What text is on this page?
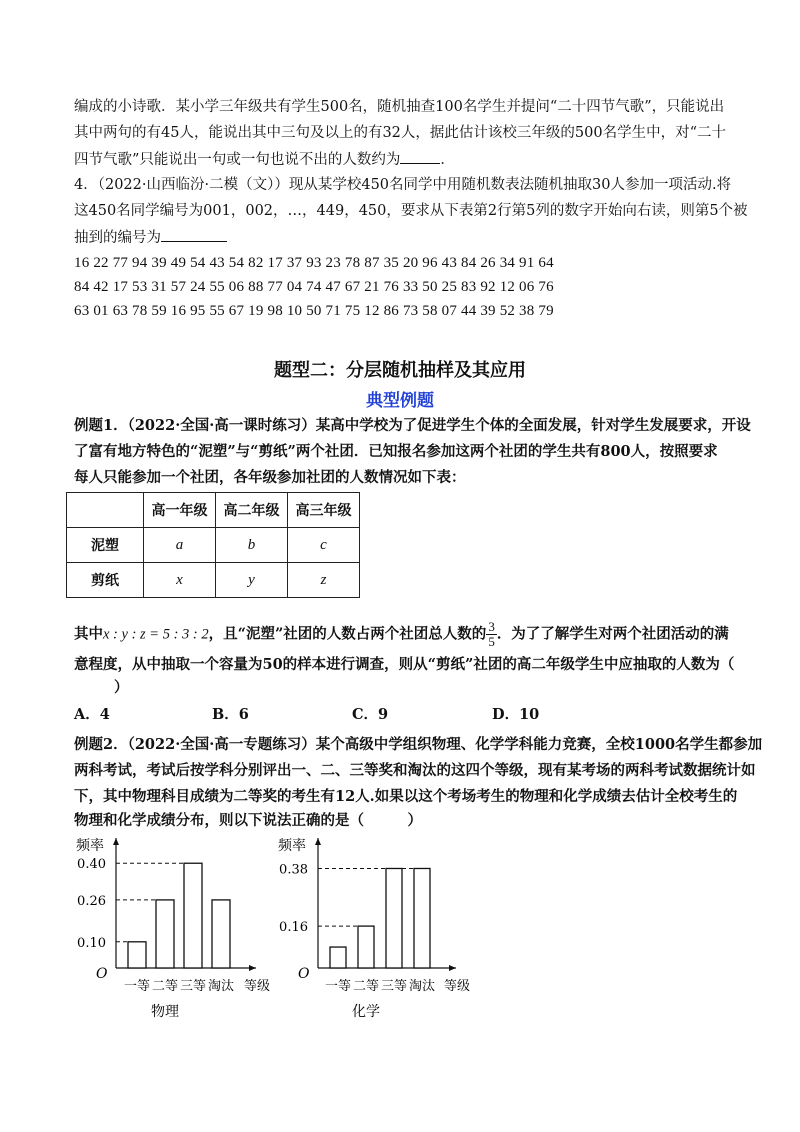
编成的小诗歌．某小学三年级共有学生500名，随机抽查100名学生并提问“二十四节气歌”，只能说出
其中两句的有45人，能说出其中三句及以上的有32人，据此估计该校三年级的500名学生中，对“二十
四节气歌”只能说出一句或一句也说不出的人数约为	．
4．（2022·山西临汾·二模（文））现从某学校450名同学中用随机数表法随机抽取30人参加一项活动.将
这450名同学编号为001，002，…，449，450，要求从下表第2行第5列的数字开始向右读，则第5个被
抽到的编号为
16 22 77 94 39 49 54 43 54 82 17 37 93 23 78 87 35 20 96 43 84 26 34 91 64
84 42 17 53 31 57 24 55 06 88 77 04 74 47 67 21 76 33 50 25 83 92 12 06 76
63 01 63 78 59 16 95 55 67 19 98 10 50 71 75 12 86 73 58 07 44 39 52 38 79
题型二：分层随机抽样及其应用
典型例题
例题1．（2022·全国·高一课时练习）某高中学校为了促进学生个体的全面发展，针对学生发展要求，开设
了富有地方特色的“泥塑”与“剪纸”两个社团．已知报名参加这两个社团的学生共有800人，按照要求
每人只能参加一个社团，各年级参加社团的人数情况如下表：
	高一年级	高二年级	高三年级
泥塑	a	b	c
剪纸	x	y	z
其中x : y : z = 5 : 3 : 2，且“泥塑”社团的人数占两个社团总人数的 $\frac{3}{5}$ ．为了了解学生对两个社团活动的满
意程度，从中抽取一个容量为50的样本进行调查，则从“剪纸”社团的高二年级学生中应抽取的人数为（
）
A．4	B．6	C．9	D．10
例题2．（2022·全国·高一专题练习）某个高级中学组织物理、化学学科能力竞赛，全校1000名学生都参加
两科考试，考试后按学科分别评出一、二、三等奖和淘汰的这四个等级，现有某考场的两科考试数据统计如
下，其中物理科目成绩为二等奖的考生有12人.如果以这个考场考生的物理和化学成绩去估计全校考生的
物理和化学成绩分布，则以下说法正确的是（　　　）
频率
O
0.10
0.26
0.40
一等 二等 三等 淘汰 等级
物理
频率
O
0.16
0.38
一等 二等 三等 淘汰 等级
化学
